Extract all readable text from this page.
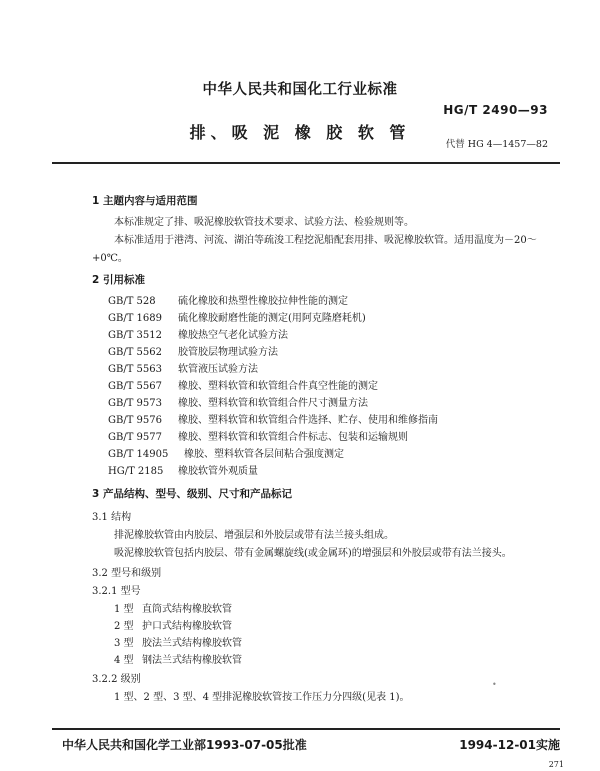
中华人民共和国化工行业标准
HG/T 2490—93
排、吸 泥 橡 胶 软 管
代替 HG 4—1457—82
1 主题内容与适用范围
本标准规定了排、吸泥橡胶软管技术要求、试验方法、检验规则等。
本标准适用于港湾、河流、湖泊等疏浚工程挖泥船配套用排、吸泥橡胶软管。适用温度为－20～
+0℃。
2 引用标准
GB/T 528 硫化橡胶和热塑性橡胶拉伸性能的测定
GB/T 1689 硫化橡胶耐磨性能的测定(用阿克隆磨耗机)
GB/T 3512 橡胶热空气老化试验方法
GB/T 5562 胶管胶层物理试验方法
GB/T 5563 软管液压试验方法
GB/T 5567 橡胶、塑料软管和软管组合件真空性能的测定
GB/T 9573 橡胶、塑料软管和软管组合件尺寸测量方法
GB/T 9576 橡胶、塑料软管和软管组合件选择、贮存、使用和维修指南
GB/T 9577 橡胶、塑料软管和软管组合件标志、包装和运输规则
GB/T 14905 橡胶、塑料软管各层间粘合强度测定
HG/T 2185 橡胶软管外观质量
3 产品结构、型号、级别、尺寸和产品标记
3.1 结构
排泥橡胶软管由内胶层、增强层和外胶层或带有法兰接头组成。
吸泥橡胶软管包括内胶层、带有金属螺旋线(或金属环)的增强层和外胶层或带有法兰接头。
3.2 型号和级别
3.2.1 型号
1 型 直筒式结构橡胶软管
2 型 护口式结构橡胶软管
3 型 胶法兰式结构橡胶软管
4 型 钢法兰式结构橡胶软管
3.2.2 级别
1 型、2 型、3 型、4 型排泥橡胶软管按工作压力分四级(见表 1)。
•
中华人民共和国化学工业部1993-07-05批准	1994-12-01实施
271
